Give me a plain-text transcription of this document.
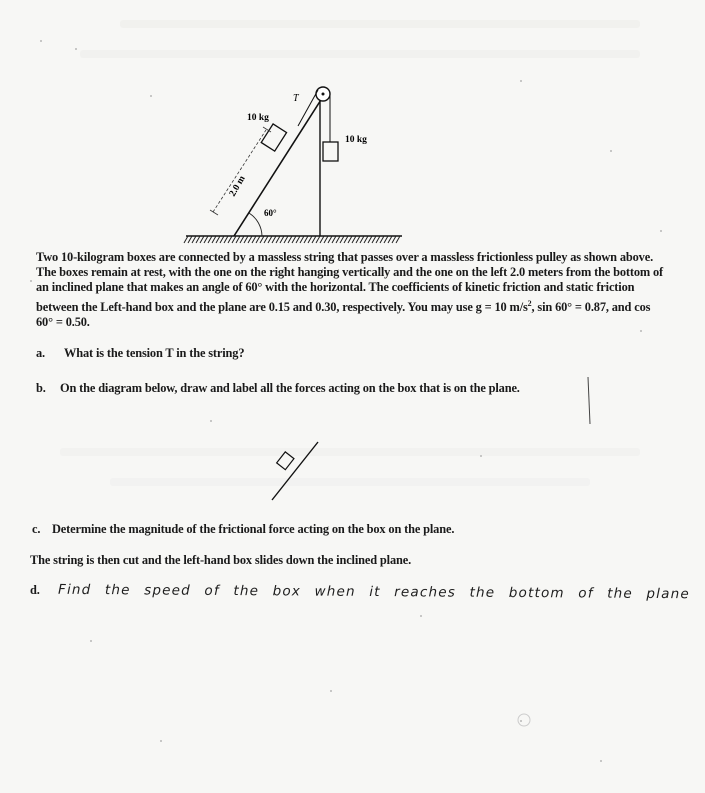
T
10 kg
10 kg
2.0 m
60°
Two 10-kilogram boxes are connected by a massless string that passes over a massless frictionless pulley as shown above. The boxes remain at rest, with the one on the right hanging vertically and the one on the left 2.0 meters from the bottom of an inclined plane that makes an angle of 60° with the horizontal. The coefficients of kinetic friction and static friction between the Left-hand box and the plane are 0.15 and 0.30, respectively. You may use g = 10 $m/s^2$, sin 60° = 0.87, and cos 60° = 0.50.
a. What is the tension T in the string?
b. On the diagram below, draw and label all the forces acting on the box that is on the plane.
c. Determine the magnitude of the frictional force acting on the box on the plane.
The string is then cut and the left-hand box slides down the inclined plane.
d. Find the speed of the box when it reaches the bottom of the plane
